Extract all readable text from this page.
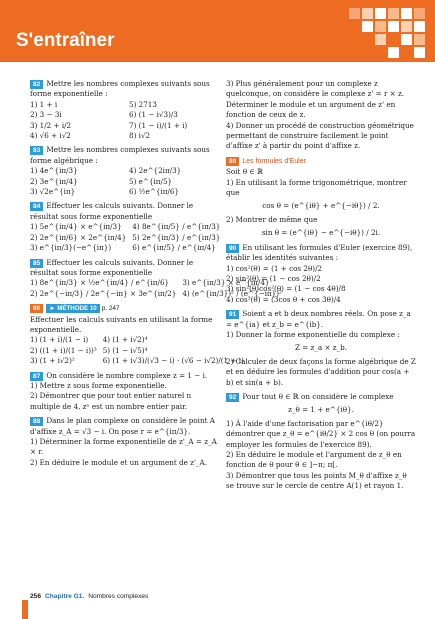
S'entraîner
82 Mettre les nombres complexes suivants sous forme exponentielle :
1) 1 + i	5) 2713
2) 3 − 3i	6) (1 − i√3)/3
3) 1/2 + i/2	7) (1 − i)/(1 + i)
4) √6 + i√2	8) i√2
83 Mettre les nombres complexes suivants sous forme algébrique :
1) 4e^{iπ/3}	4) 2e^{2iπ/3}
2) 3e^{iπ/4}	5) e^{iπ/5}
3) √2e^{iπ}	6) ½e^{iπ/6}
84 Effectuer les calculs suivants. Donner le résultat sous forme exponentielle
1) 5e^{iπ/4} × e^{iπ/3}	4) 8e^{iπ/5} / e^{iπ/3}
2) 2e^{iπ/6} × 2e^{iπ/4} 5) 2e^{iπ/3} / e^{iπ/3}
3) e^{iπ/3}(−e^{iπ})	6) e^{iπ/5} / e^{iπ/4}
85 Effectuer les calculs suivants. Donner le résultat sous forme exponentielle
1) 8e^{iπ/3} × ½e^{iπ/4} / e^{iπ/6}	3) e^{iπ/3} × e^{iπ/4}
2) 2e^{−iπ/3} / 2e^{−iπ} × 3e^{iπ/2} 4) (e^{iπ/3})² / (e^{−iπ})²
86 ► MÉTHODE 10 p. 247
Effectuer les calculs suivants en utilisant la forme exponentielle.
1) (1 + i)/(1 − i)	4) (1 + i√2)⁴
2) ((1 + i)/(1 − i))³ 5) (1 − i√5)⁴
3) (1 + i√2)²	6) (1 + i√3)/(√3 − i) · (√6 − i√2)/(1 + i)
87 On considère le nombre complexe z = 1 − i.
1) Mettre z sous forme exponentielle.
2) Démontrer que pour tout entier naturel n multiple de 4, zⁿ est un nombre entier pair.
88 Dans le plan complexe on considère le point A d'affixe z_A = √3 − i. On pose r = e^{iπ/3}.
1) Déterminer la forme exponentielle de z'_A = z_A × r.
2) En déduire le module et un argument de z'_A.
3) Plus généralement pour un complexe z quelconque, on considère le complexe z' = r × z. Déterminer le module et un argument de z' en fonction de ceux de z.
4) Donner un procédé de construction géométrique permettant de construire facilement le point d'affixe z' à partir du point d'affixe z.
89 Les formules d'Euler
Soit θ ∈ ℝ
1) En utilisant la forme trigonométrique, montrer que
cos θ = (e^{iθ} + e^{−iθ}) / 2.
2) Montrer de même que
sin θ = (e^{iθ} − e^{−iθ}) / 2i.
90 En utilisant les formules d'Euler (exercice 89), établir les identités suivantes :
1) cos²(θ) = (1 + cos 2θ)/2
2) sin²(θ) = (1 − cos 2θ)/2
3) sin²(θ)cos²(θ) = (1 − cos 4θ)/8
4) cos³(θ) = (3cos θ + cos 3θ)/4
91 Soient a et b deux nombres réels. On pose z_a = e^{ia} et z_b = e^{ib}.
1) Donner la forme exponentielle du complexe :
Z = z_a × z_b.
2) Calculer de deux façons la forme algébrique de Z et en déduire les formules d'addition pour cos(a + b) et sin(a + b).
92 Pour tout θ ∈ ℝ on considère le complexe
z_θ = 1 + e^{iθ}.
1) À l'aide d'une factorisation par e^{iθ/2} démontrer que z_θ = e^{iθ/2} × 2 cos θ (on pourra employer les formules de l'exercice 89).
2) En déduire le module et l'argument de z_θ en fonction de θ pour θ ∈ ]−π; π[.
3) Démontrer que tous les points M_θ d'affixe z_θ se trouve sur le cercle de centre A(1) et rayon 1.
256 Chapitre G1. Nombres complexes
